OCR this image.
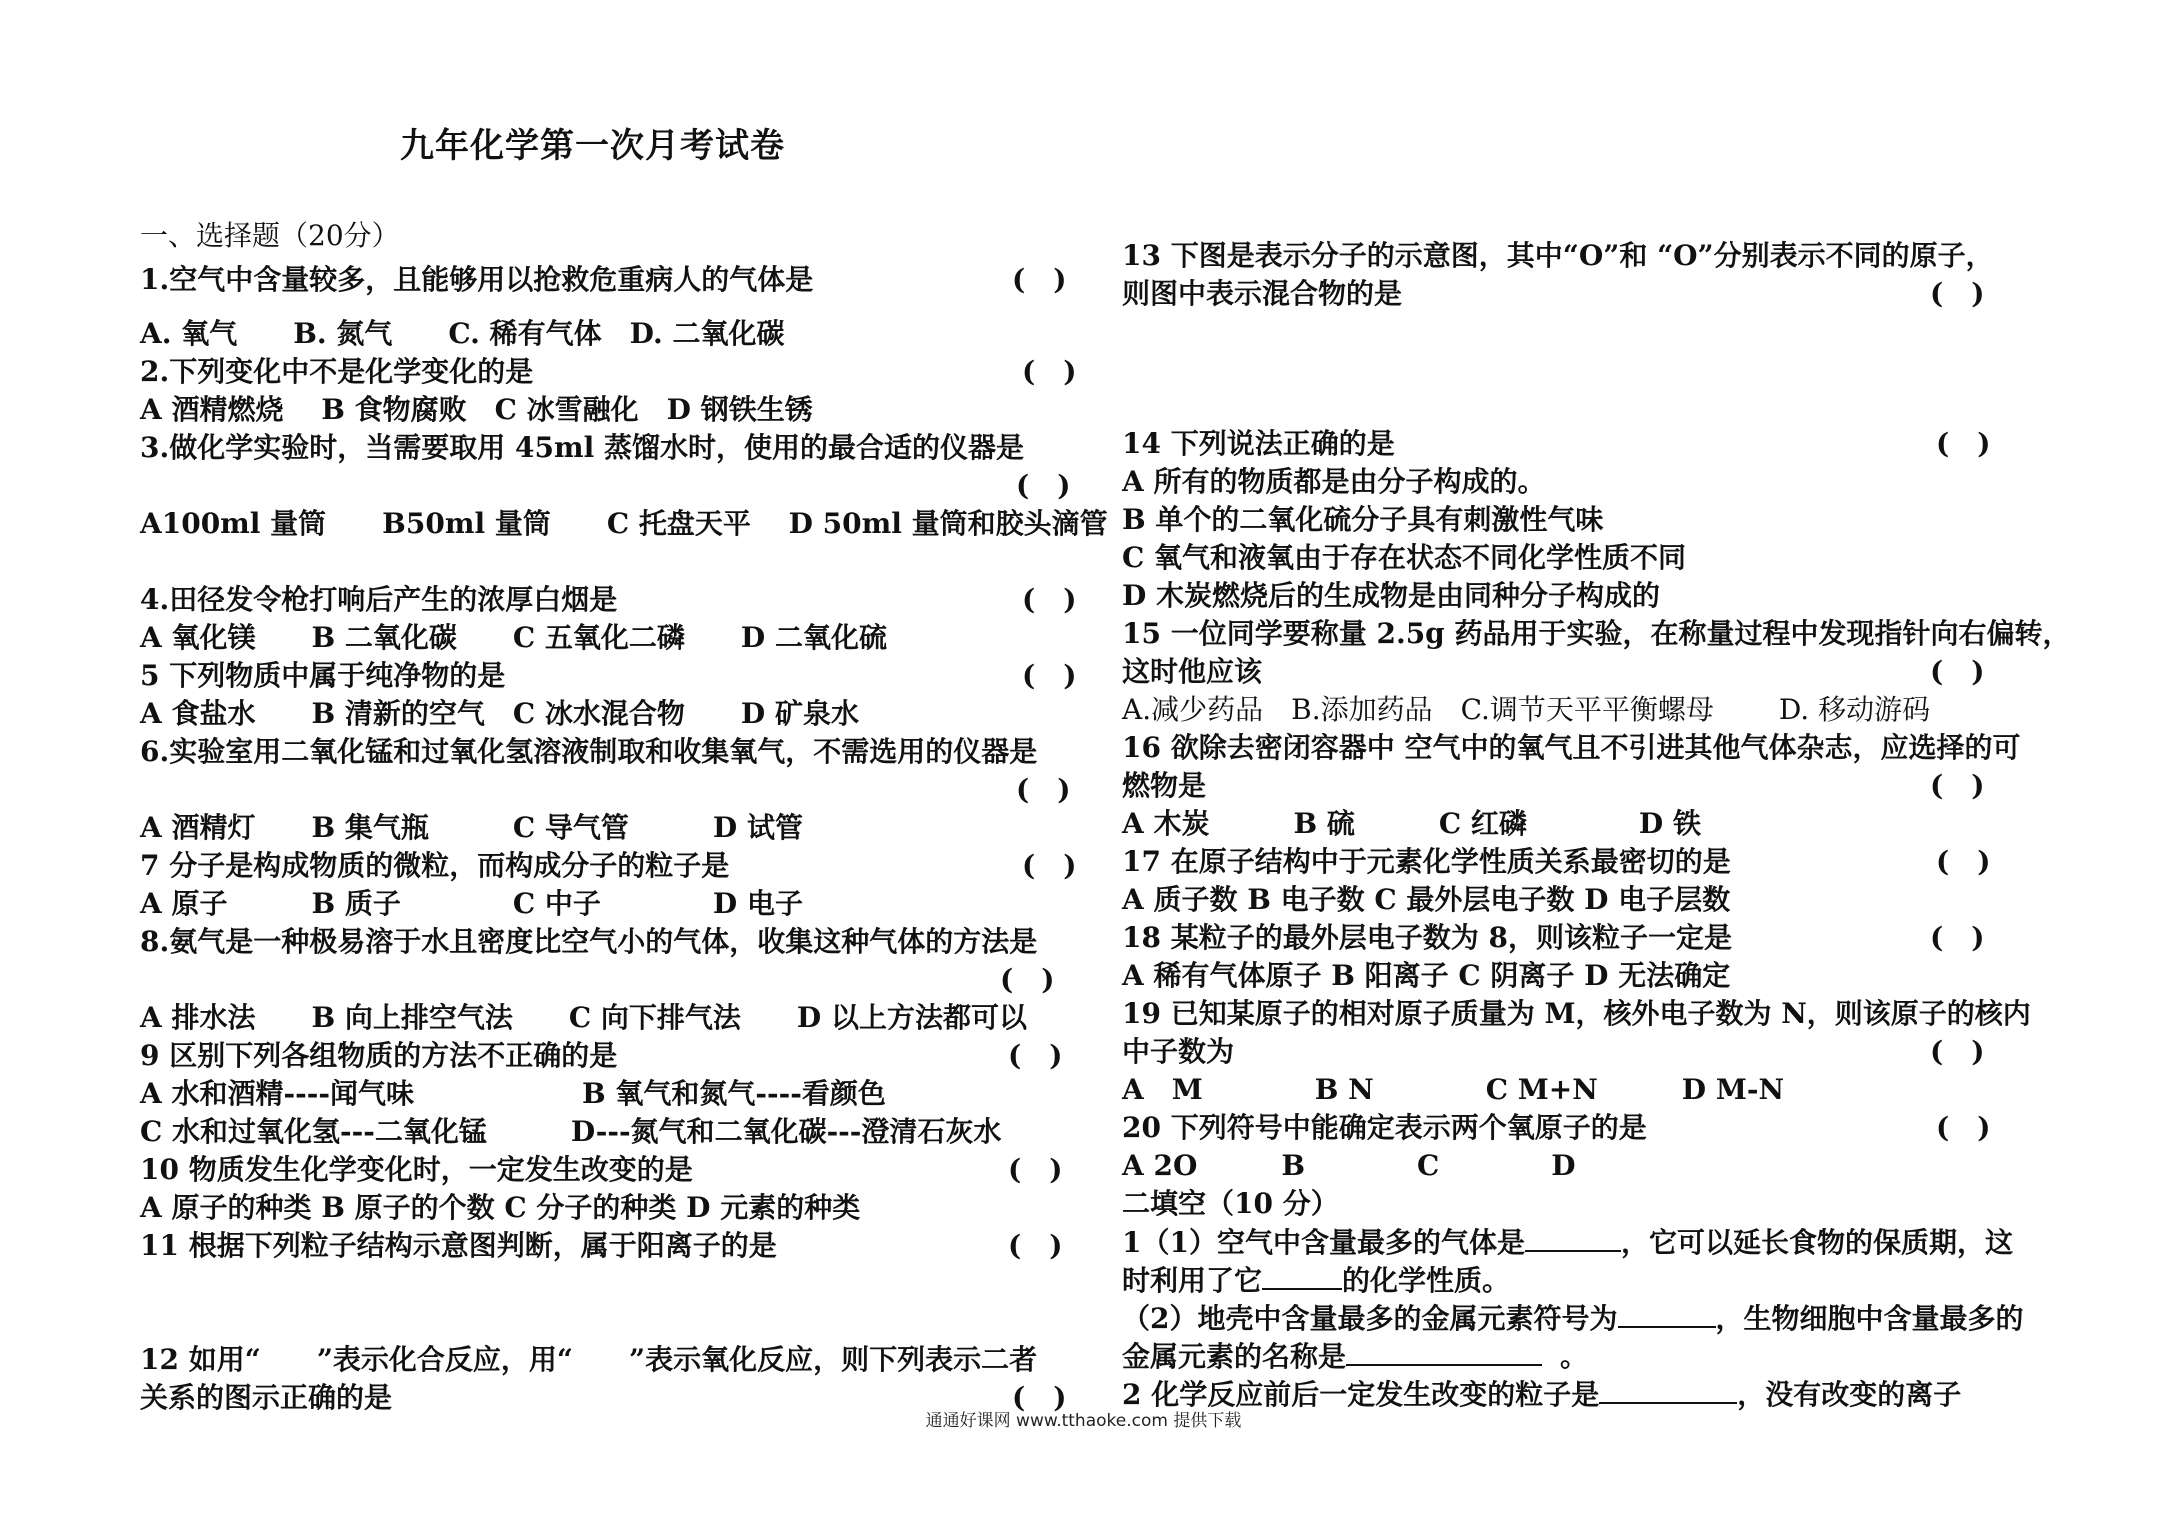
九年化学第一次月考试卷
一、选择题（20分）
1.空气中含量较多，且能够用以抢救危重病人的气体是	(　)
A. 氧气　　B. 氮气　　C. 稀有气体　D. 二氧化碳
2.下列变化中不是化学变化的是	(　)
A 酒精燃烧　 B 食物腐败　C 冰雪融化　D 钢铁生锈
3.做化学实验时，当需要取用 45ml 蒸馏水时，使用的最合适的仪器是
(　)
A100ml 量筒　　B50ml 量筒　　C 托盘天平　 D 50ml 量筒和胶头滴管
4.田径发令枪打响后产生的浓厚白烟是	(　)
A 氧化镁　　B 二氧化碳　　C 五氧化二磷　　D 二氧化硫
5 下列物质中属于纯净物的是	(　)
A 食盐水　　B 清新的空气　C 冰水混合物　　D 矿泉水
6.实验室用二氧化锰和过氧化氢溶液制取和收集氧气，不需选用的仪器是
(　)
A 酒精灯　　B 集气瓶　　　C 导气管　　　D 试管
7 分子是构成物质的微粒，而构成分子的粒子是	(　)
A 原子　　　B 质子　　　　C 中子　　　　D 电子
8.氨气是一种极易溶于水且密度比空气小的气体，收集这种气体的方法是
(　)
A 排水法　　B 向上排空气法　　C 向下排气法　　D 以上方法都可以
9 区别下列各组物质的方法不正确的是	(　)
A 水和酒精----闻气味　　　　　　B 氧气和氮气----看颜色
C 水和过氧化氢---二氧化锰　　　D---氮气和二氧化碳---澄清石灰水
10 物质发生化学变化时，一定发生改变的是	(　)
A 原子的种类 B 原子的个数 C 分子的种类 D 元素的种类
11 根据下列粒子结构示意图判断，属于阳离子的是	(　)
12 如用“　　”表示化合反应，用“　　”表示氧化反应，则下列表示二者
关系的图示正确的是	(　)
13 下图是表示分子的示意图，其中“O”和 “O”分别表示不同的原子，
则图中表示混合物的是	(　)
14 下列说法正确的是	(　)
A 所有的物质都是由分子构成的。
B 单个的二氧化硫分子具有刺激性气味
C 氧气和液氧由于存在状态不同化学性质不同
D 木炭燃烧后的生成物是由同种分子构成的
15 一位同学要称量 2.5g 药品用于实验，在称量过程中发现指针向右偏转，
这时他应该	(　)
A.减少药品　B.添加药品　C.调节天平平衡螺母　 　D. 移动游码
16 欲除去密闭容器中 空气中的氧气且不引进其他气体杂志，应选择的可
燃物是	(　)
A 木炭　　　B 硫　　　C 红磷　　　　D 铁
17 在原子结构中于元素化学性质关系最密切的是	(　)
A 质子数 B 电子数 C 最外层电子数 D 电子层数
18 某粒子的最外层电子数为 8，则该粒子一定是	(　)
A 稀有气体原子 B 阳离子 C 阴离子 D 无法确定
19 已知某原子的相对原子质量为 M，核外电子数为 N，则该原子的核内
中子数为	(　)
A　M　　　　B N　　　　C M+N　　　D M-N
20 下列符号中能确定表示两个氧原子的是	(　)
A 2O　　　B　　　　C　　　　D
二填空（10 分）
1（1）空气中含量最多的气体是	，它可以延长食物的保质期，这
时利用了它	的化学性质。
（2）地壳中含量最多的金属元素符号为	，生物细胞中含量最多的
金属元素的名称是	。
2 化学反应前后一定发生改变的粒子是	，没有改变的离子
通通好课网 www.tthaoke.com 提供下载
